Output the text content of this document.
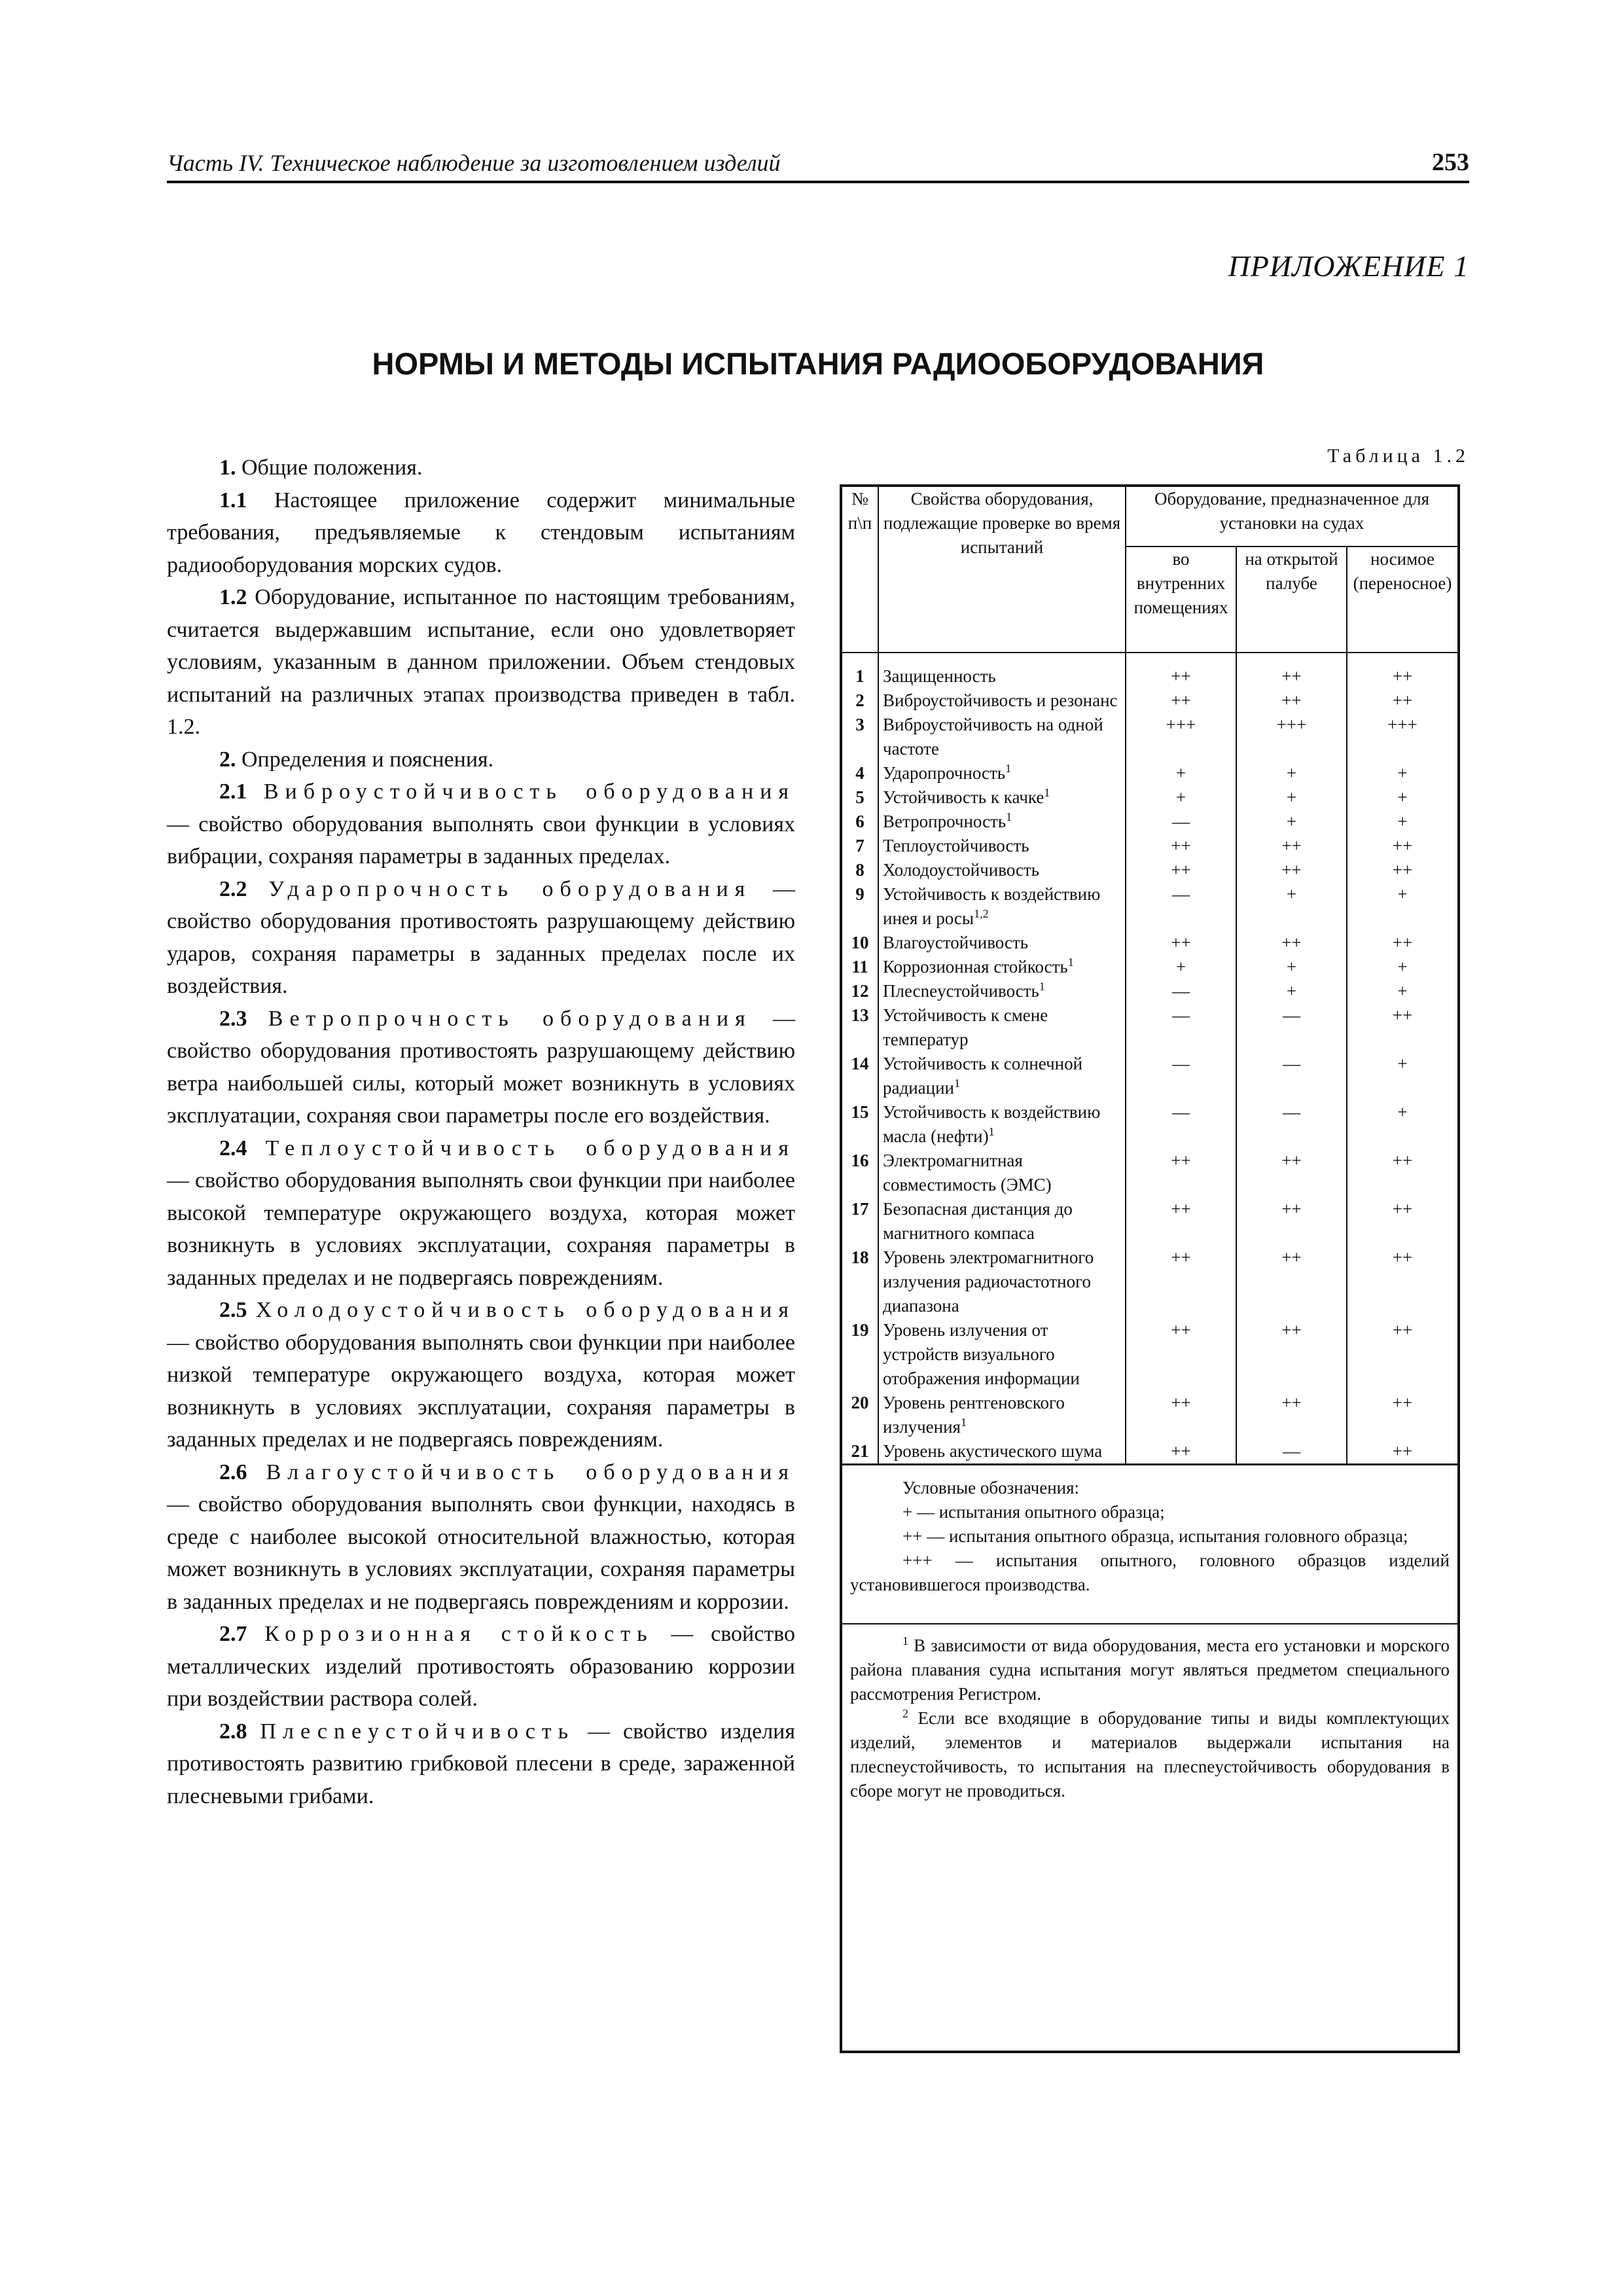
Часть IV. Техническое наблюдение за изготовлением изделий	253
ПРИЛОЖЕНИЕ 1
НОРМЫ И МЕТОДЫ ИСПЫТАНИЯ РАДИООБОРУДОВАНИЯ

1. Общие положения.

1.1 Настоящее приложение содержит минимальные требования, предъявляемые к стендовым испытаниям радиооборудования морских судов.

1.2 Оборудование, испытанное по настоящим требованиям, считается выдержавшим испытание, если оно удовлетворяет условиям, указанным в данном приложении. Объем стендовых испытаний на различных этапах производства приведен в табл. 1.2.

2. Определения и пояснения.

2.1 Виброустойчивость оборудования — свойство оборудования выполнять свои функции в условиях вибрации, сохраняя параметры в заданных пределах.

2.2 Ударопрочность оборудования — свойство оборудования противостоять разрушающему действию ударов, сохраняя параметры в заданных пределах после их воздействия.

2.3 Ветропрочность оборудования — свойство оборудования противостоять разрушающему действию ветра наибольшей силы, который может возникнуть в условиях эксплуатации, сохраняя свои параметры после его воздействия.

2.4 Теплоустойчивость оборудования — свойство оборудования выполнять свои функции при наиболее высокой температуре окружающего воздуха, которая может возникнуть в условиях эксплуатации, сохраняя параметры в заданных пределах и не подвергаясь повреждениям.

2.5 Холодоустойчивость оборудования — свойство оборудования выполнять свои функции при наиболее низкой температуре окружающего воздуха, которая может возникнуть в условиях эксплуатации, сохраняя параметры в заданных пределах и не подвергаясь повреждениям.

2.6 Влагоустойчивость оборудования — свойство оборудования выполнять свои функции, находясь в среде с наиболее высокой относительной влажностью, которая может возникнуть в условиях эксплуатации, сохраняя параметры в заданных пределах и не подвергаясь повреждениям и коррозии.

2.7 Коррозионная стойкость — свойство металлических изделий противостоять образованию коррозии при воздействии раствора солей.

2.8 Плесneустойчивость — свойство изделия противостоять развитию грибковой плесени в среде, зараженной плесневыми грибами.

Таблица 1.2
№ п\п	Свойства оборудования, подлежащие проверке во время испытаний	Оборудование, предназначенное для установки на судах		
		во внутренних помещениях	на открытой палубе	носимое (переносное)

1	Защищенность	++	++	++
2	Виброустойчивость и резонанс	++	++	++
3	Виброустойчивость на одной частоте	+++	+++	+++
4	Ударопрочность$^1$	+	+	+
5	Устойчивость к качке$^1$	+	+	+
6	Ветропрочность$^1$	—	+	+
7	Теплоустойчивость	++	++	++
8	Холодоустойчивость	++	++	++
9	Устойчивость к воздействию инея и росы$^{1,2}$	—	+	+
10	Влагоустойчивость	++	++	++
11	Коррозионная стойкость$^1$	+	+	+
12	Плесneустойчивость$^1$	—	+	+
13	Устойчивость к смене температур	—	—	++
14	Устойчивость к солнечной радиации$^1$	—	—	+
15	Устойчивость к воздействию масла (нефти)$^1$	—	—	+
16	Электромагнитная совместимость (ЭМС)	++	++	++
17	Безопасная дистанция до магнитного компаса	++	++	++
18	Уровень электромагнитного излучения радиочастотного диапазона	++	++	++
19	Уровень излучения от устройств визуального отображения информации	++	++	++
20	Уровень рентгеновского излучения$^1$	++	++	++
21	Уровень акустического шума	++	—	++

Условные обозначения:

+ — испытания опытного образца;

++ — испытания опытного образца, испытания головного образца;

+++ — испытания опытного, головного образцов изделий установившегося производства.

$^1$ В зависимости от вида оборудования, места его установки и морского района плавания судна испытания могут являться предметом специального рассмотрения Регистром.

$^2$ Если все входящие в оборудование типы и виды комплектующих изделий, элементов и материалов выдержали испытания на плесneустойчивость, то испытания на плесneустойчивость оборудования в сборе могут не проводиться.
